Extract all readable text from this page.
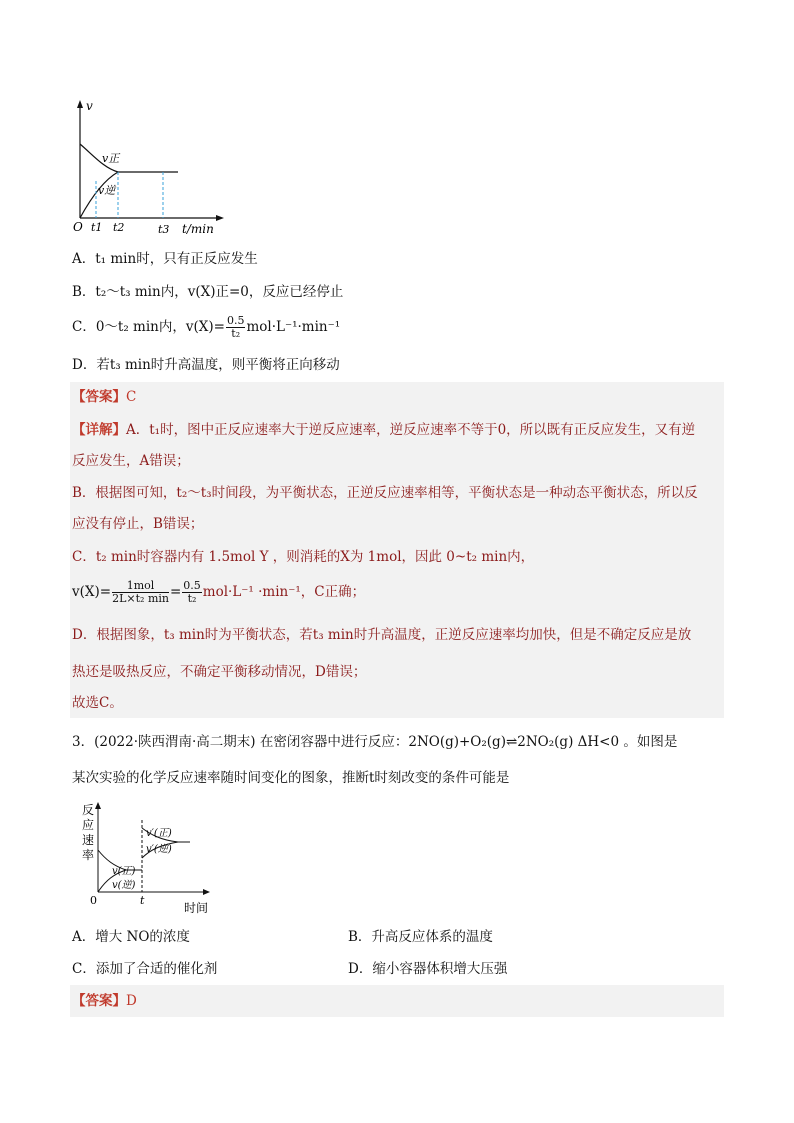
v
v正
v逆
O t1 t2	t3 t/min
A．t₁ min时，只有正反应发生
B．t₂～t₃ min内，v(X)正=0，反应已经停止
C．0～t₂ min内，$v(X)= \frac{0.5}{\text{t₂}} mol\cdot L^{-1}\cdot\min^{-1}$
D．若t₃ min时升高温度，则平衡将正向移动
【答案】C
【详解】A．t₁时，图中正反应速率大于逆反应速率，逆反应速率不等于0，所以既有正反应发生，又有逆
反应发生，A错误；
B．根据图可知，t₂～t₃时间段，为平衡状态，正逆反应速率相等，平衡状态是一种动态平衡状态，所以反
应没有停止，B错误；
C．t₂ min时容器内有 1.5mol Y ，则消耗的X为 1mol，因此 0~t₂ min内，
$v(X)= \frac{\text{1mol}}{\text{2L×t₂ min}} = \frac{0.5}{\text{t₂}} mol\cdot L^{-1} \cdot\min^{-1}$，C正确；
D．根据图象，t₃ min时为平衡状态，若t₃ min时升高温度，正逆反应速率均加快，但是不确定反应是放
热还是吸热反应，不确定平衡移动情况，D错误；
故选C。
3．(2022·陕西渭南·高二期末) 在密闭容器中进行反应：2NO(g)+O₂(g)⇌2NO₂(g) ΔH<0 。如图是
某次实验的化学反应速率随时间变化的图象，推断t时刻改变的条件可能是
反
应
速
率
v(正)
v(逆)
v′(正)
v′(逆)
0	t
时间
A．增大 NO的浓度	B．升高反应体系的温度
C．添加了合适的催化剂	D．缩小容器体积增大压强
【答案】D
